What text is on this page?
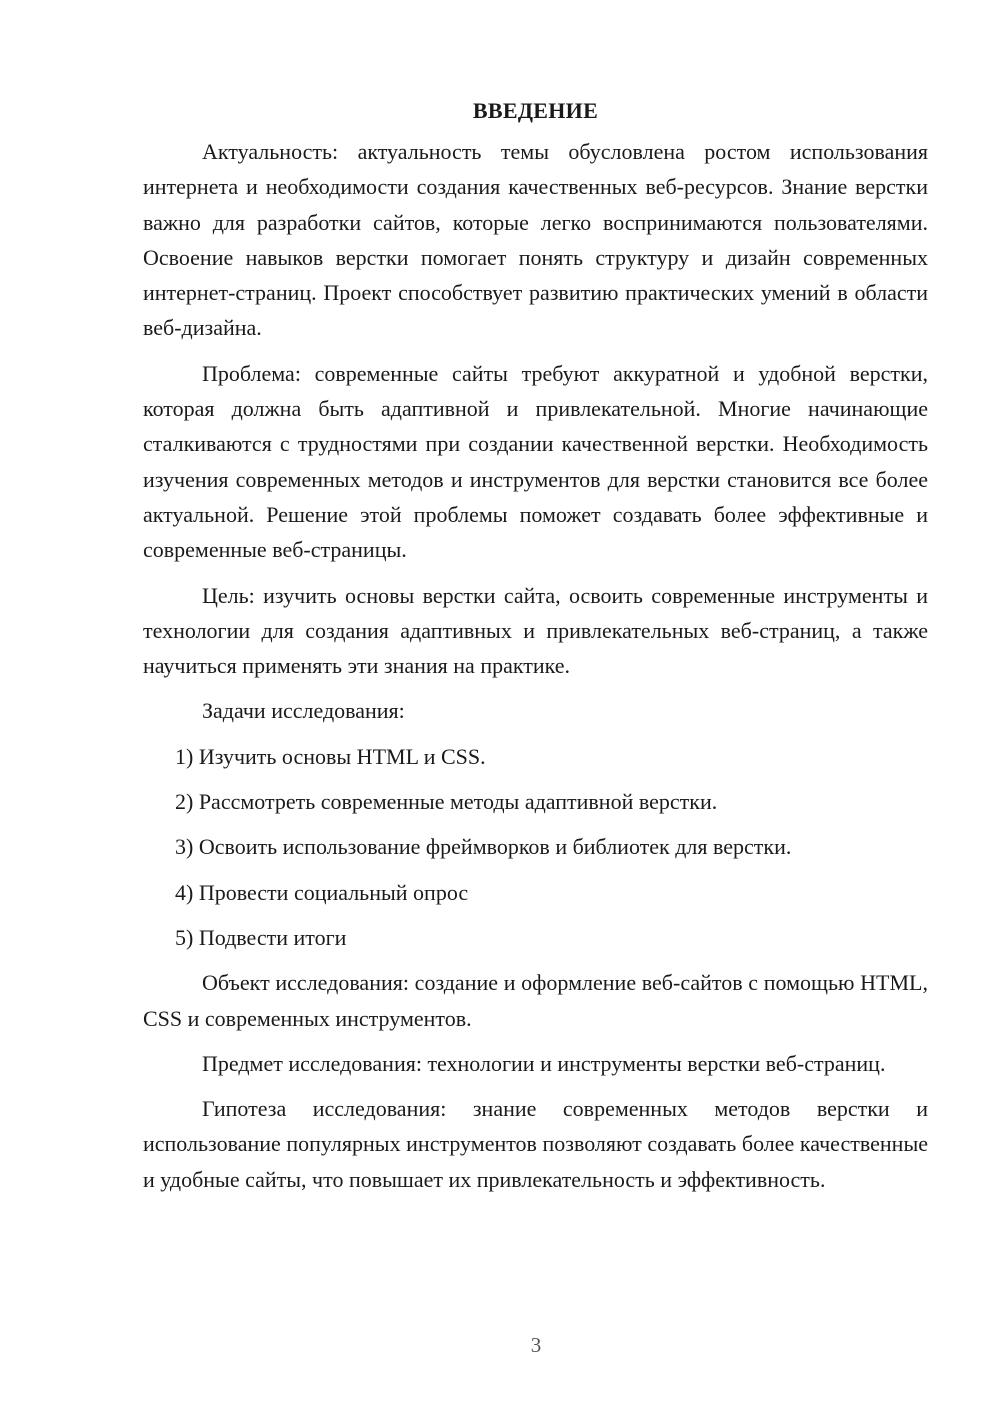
ВВЕДЕНИЕ

Актуальность: актуальность темы обусловлена ростом использования интернета и необходимости создания качественных веб-ресурсов. Знание верстки важно для разработки сайтов, которые легко воспринимаются пользователями. Освоение навыков верстки помогает понять структуру и дизайн современных интернет-страниц. Проект способствует развитию практических умений в области веб-дизайна.

Проблема: современные сайты требуют аккуратной и удобной верстки, которая должна быть адаптивной и привлекательной. Многие начинающие сталкиваются с трудностями при создании качественной верстки. Необходимость изучения современных методов и инструментов для верстки становится все более актуальной. Решение этой проблемы поможет создавать более эффективные и современные веб-страницы.

Цель: изучить основы верстки сайта, освоить современные инструменты и технологии для создания адаптивных и привлекательных веб-страниц, а также научиться применять эти знания на практике.

Задачи исследования:

1) Изучить основы HTML и CSS.
2) Рассмотреть современные методы адаптивной верстки.
3) Освоить использование фреймворков и библиотек для верстки.
4) Провести социальный опрос
5) Подвести итоги

Объект исследования: создание и оформление веб-сайтов с помощью HTML, CSS и современных инструментов.

Предмет исследования: технологии и инструменты верстки веб-страниц.

Гипотеза исследования: знание современных методов верстки и использование популярных инструментов позволяют создавать более качественные и удобные сайты, что повышает их привлекательность и эффективность.

3
